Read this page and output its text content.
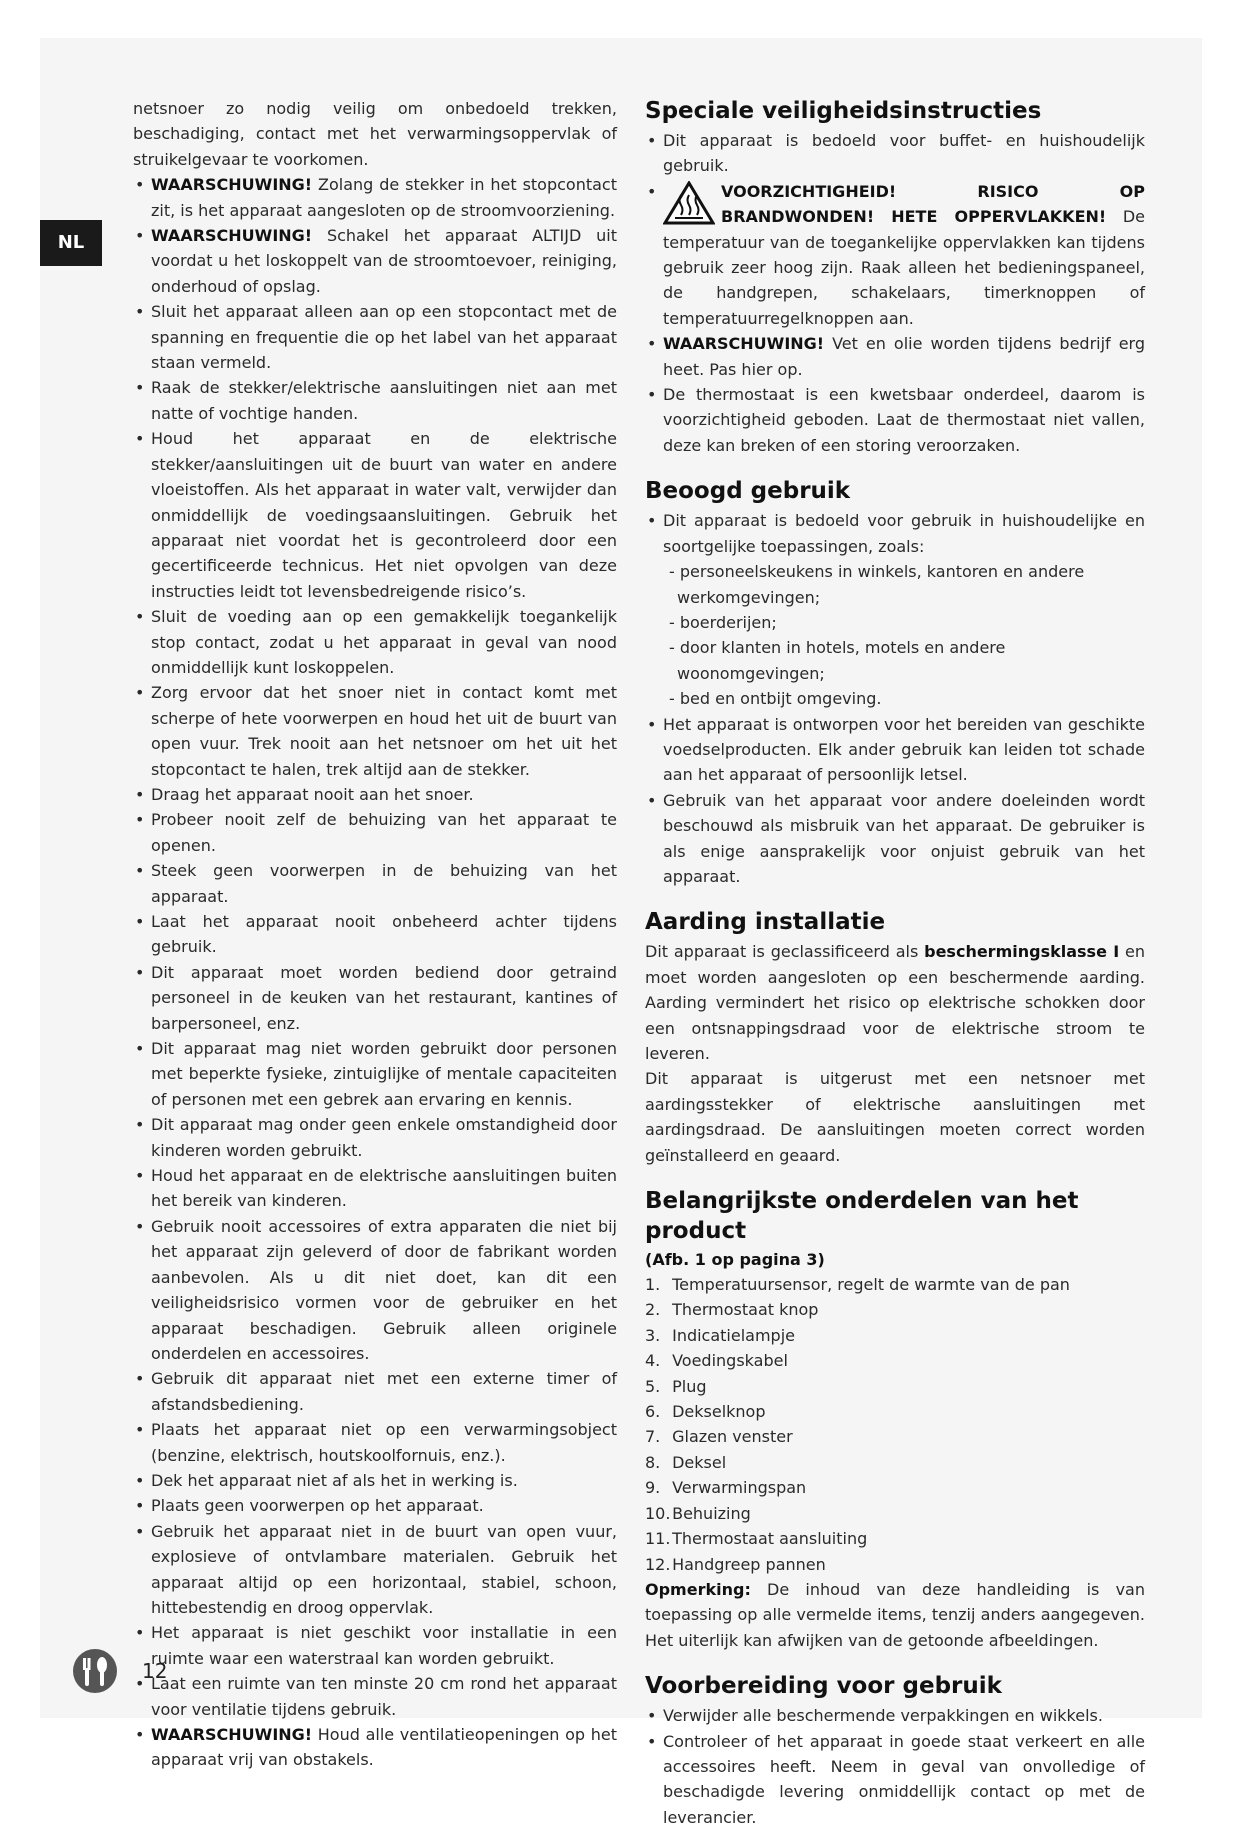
NL
netsnoer zo nodig veilig om onbedoeld trekken, beschadiging, contact met het verwarmingsoppervlak of struikelgevaar te voorkomen.
• WAARSCHUWING! Zolang de stekker in het stopcontact zit, is het apparaat aangesloten op de stroomvoorziening.
• WAARSCHUWING! Schakel het apparaat ALTIJD uit voordat u het loskoppelt van de stroomtoevoer, reiniging, onderhoud of opslag.
• Sluit het apparaat alleen aan op een stopcontact met de spanning en frequentie die op het label van het apparaat staan vermeld.
• Raak de stekker/elektrische aansluitingen niet aan met natte of vochtige handen.
• Houd het apparaat en de elektrische stekker/aansluitingen uit de buurt van water en andere vloeistoffen. Als het apparaat in water valt, verwijder dan onmiddellijk de voedingsaansluitingen. Gebruik het apparaat niet voordat het is gecontroleerd door een gecertificeerde technicus. Het niet opvolgen van deze instructies leidt tot levensbedreigende risico’s.
• Sluit de voeding aan op een gemakkelijk toegankelijk stop contact, zodat u het apparaat in geval van nood onmiddellijk kunt loskoppelen.
• Zorg ervoor dat het snoer niet in contact komt met scherpe of hete voorwerpen en houd het uit de buurt van open vuur. Trek nooit aan het netsnoer om het uit het stopcontact te halen, trek altijd aan de stekker.
• Draag het apparaat nooit aan het snoer.
• Probeer nooit zelf de behuizing van het apparaat te openen.
• Steek geen voorwerpen in de behuizing van het apparaat.
• Laat het apparaat nooit onbeheerd achter tijdens gebruik.
• Dit apparaat moet worden bediend door getraind personeel in de keuken van het restaurant, kantines of barpersoneel, enz.
• Dit apparaat mag niet worden gebruikt door personen met beperkte fysieke, zintuiglijke of mentale capaciteiten of personen met een gebrek aan ervaring en kennis.
• Dit apparaat mag onder geen enkele omstandigheid door kinderen worden gebruikt.
• Houd het apparaat en de elektrische aansluitingen buiten het bereik van kinderen.
• Gebruik nooit accessoires of extra apparaten die niet bij het apparaat zijn geleverd of door de fabrikant worden aanbevolen. Als u dit niet doet, kan dit een veiligheidsrisico vormen voor de gebruiker en het apparaat beschadigen. Gebruik alleen originele onderdelen en accessoires.
• Gebruik dit apparaat niet met een externe timer of afstandsbediening.
• Plaats het apparaat niet op een verwarmingsobject (benzine, elektrisch, houtskoolfornuis, enz.).
• Dek het apparaat niet af als het in werking is.
• Plaats geen voorwerpen op het apparaat.
• Gebruik het apparaat niet in de buurt van open vuur, explosieve of ontvlambare materialen. Gebruik het apparaat altijd op een horizontaal, stabiel, schoon, hittebestendig en droog oppervlak.
• Het apparaat is niet geschikt voor installatie in een ruimte waar een waterstraal kan worden gebruikt.
• Laat een ruimte van ten minste 20 cm rond het apparaat voor ventilatie tijdens gebruik.
• WAARSCHUWING! Houd alle ventilatieopeningen op het apparaat vrij van obstakels.
Speciale veiligheidsinstructies
• Dit apparaat is bedoeld voor buffet- en huishoudelijk gebruik.
• VOORZICHTIGHEID! RISICO OP BRANDWONDEN! HETE OPPERVLAKKEN! De temperatuur van de toegankelijke oppervlakken kan tijdens gebruik zeer hoog zijn. Raak alleen het bedieningspaneel, de handgrepen, schakelaars, timerknoppen of temperatuurregelknoppen aan.
• WAARSCHUWING! Vet en olie worden tijdens bedrijf erg heet. Pas hier op.
• De thermostaat is een kwetsbaar onderdeel, daarom is voorzichtigheid geboden. Laat de thermostaat niet vallen, deze kan breken of een storing veroorzaken.
Beoogd gebruik
• Dit apparaat is bedoeld voor gebruik in huishoudelijke en soortgelijke toepassingen, zoals:
- personeelskeukens in winkels, kantoren en andere werkomgevingen;
- boerderijen;
- door klanten in hotels, motels en andere woonomgevingen;
- bed en ontbijt omgeving.
• Het apparaat is ontworpen voor het bereiden van geschikte voedselproducten. Elk ander gebruik kan leiden tot schade aan het apparaat of persoonlijk letsel.
• Gebruik van het apparaat voor andere doeleinden wordt beschouwd als misbruik van het apparaat. De gebruiker is als enige aansprakelijk voor onjuist gebruik van het apparaat.
Aarding installatie
Dit apparaat is geclassificeerd als beschermingsklasse I en moet worden aangesloten op een beschermende aarding. Aarding vermindert het risico op elektrische schokken door een ontsnappingsdraad voor de elektrische stroom te leveren.
Dit apparaat is uitgerust met een netsnoer met aardingsstekker of elektrische aansluitingen met aardingsdraad. De aansluitingen moeten correct worden geïnstalleerd en geaard.
Belangrijkste onderdelen van het product
(Afb. 1 op pagina 3)
1.
Temperatuursensor, regelt de warmte van de pan
2.
Thermostaat knop
3.
Indicatielampje
4.
Voedingskabel
5.
Plug
6.
Dekselknop
7.
Glazen venster
8.
Deksel
9.
Verwarmingspan
10.
Behuizing
11.
Thermostaat aansluiting
12.
Handgreep pannen
Opmerking: De inhoud van deze handleiding is van toepassing op alle vermelde items, tenzij anders aangegeven. Het uiterlijk kan afwijken van de getoonde afbeeldingen.
Voorbereiding voor gebruik
• Verwijder alle beschermende verpakkingen en wikkels.
• Controleer of het apparaat in goede staat verkeert en alle accessoires heeft. Neem in geval van onvolledige of beschadigde levering onmiddellijk contact op met de leverancier.
12
